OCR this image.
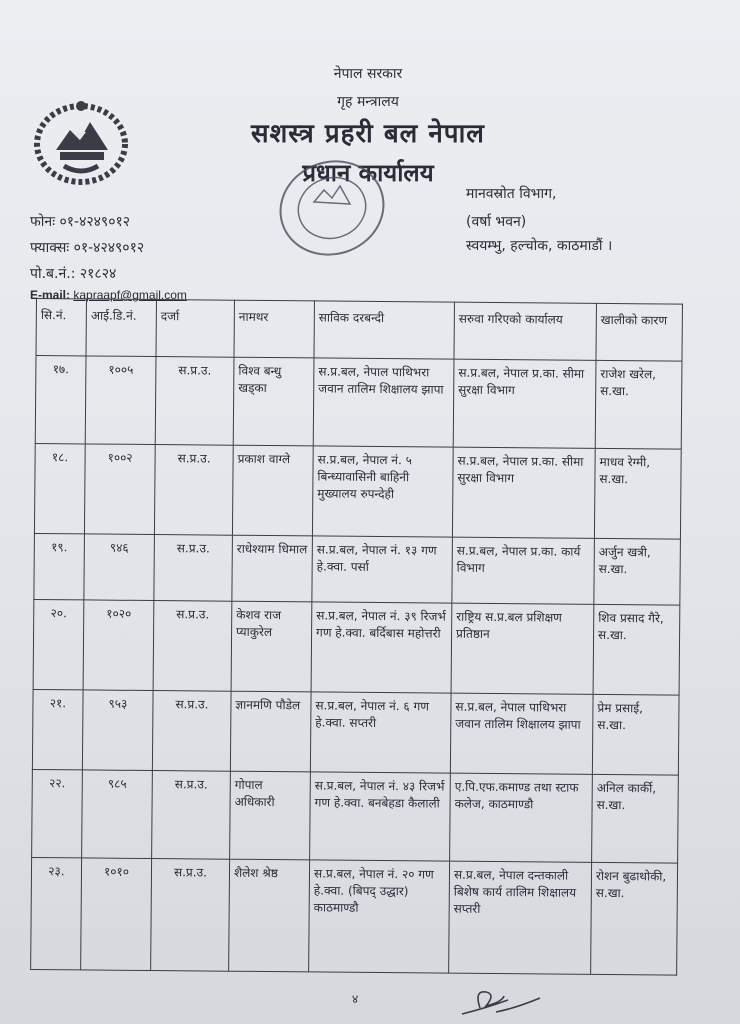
नेपाल सरकार
गृह मन्त्रालय
सशस्त्र प्रहरी बल नेपाल
प्रधान कार्यालय
फोनः ०१-४२४९०१२
फ्याक्सः ०१-४२४९०१२
पो.ब.नं.: २१८२४
E-mail: kapraapf@gmail.com
मानवस्रोत विभाग,
(वर्षा भवन)
स्वयम्भु, हल्चोक, काठमाडौं ।
सि.नं.	आई.डि.नं.	दर्जा	नामथर	साविक दरबन्दी	सरुवा गरिएको कार्यालय	खालीको कारण
१७.	१००५	स.प्र.उ.	विश्व बन्धु खड्का	स.प्र.बल, नेपाल पाथिभरा जवान तालिम शिक्षालय झापा	स.प्र.बल, नेपाल प्र.का. सीमा सुरक्षा विभाग	राजेश खरेल, स.खा.
१८.	१००२	स.प्र.उ.	प्रकाश वाग्ले	स.प्र.बल, नेपाल नं. ५ बिन्ध्यावासिनी बाहिनी मुख्यालय रुपन्देही	स.प्र.बल, नेपाल प्र.का. सीमा सुरक्षा विभाग	माधव रेग्मी, स.खा.
१९.	९४६	स.प्र.उ.	राधेश्याम धिमाल	स.प्र.बल, नेपाल नं. १३ गण हे.क्वा. पर्सा	स.प्र.बल, नेपाल प्र.का. कार्य विभाग	अर्जुन खत्री, स.खा.
२०.	१०२०	स.प्र.उ.	केशव राज प्याकुरेल	स.प्र.बल, नेपाल नं. ३९ रिजर्भ गण हे.क्वा. बर्दिबास महोत्तरी	राष्ट्रिय स.प्र.बल प्रशिक्षण प्रतिष्ठान	शिव प्रसाद गैरे, स.खा.
२१.	९५३	स.प्र.उ.	ज्ञानमणि पौडेल	स.प्र.बल, नेपाल नं. ६ गण हे.क्वा. सप्तरी	स.प्र.बल, नेपाल पाथिभरा जवान तालिम शिक्षालय झापा	प्रेम प्रसाई, स.खा.
२२.	९८५	स.प्र.उ.	गोपाल अधिकारी	स.प्र.बल, नेपाल नं. ४३ रिजर्भ गण हे.क्वा. बनबेहडा कैलाली	ए.पि.एफ.कमाण्ड तथा स्टाफ कलेज, काठमाण्डौ	अनिल कार्की, स.खा.
२३.	१०१०	स.प्र.उ.	शैलेश श्रेष्ठ	स.प्र.बल, नेपाल नं. २० गण हे.क्वा. (बिपद् उद्धार) काठमाण्डौ	स.प्र.बल, नेपाल दन्तकाली बिशेष कार्य तालिम शिक्षालय सप्तरी	रोशन बुढाथोकी, स.खा.
४
